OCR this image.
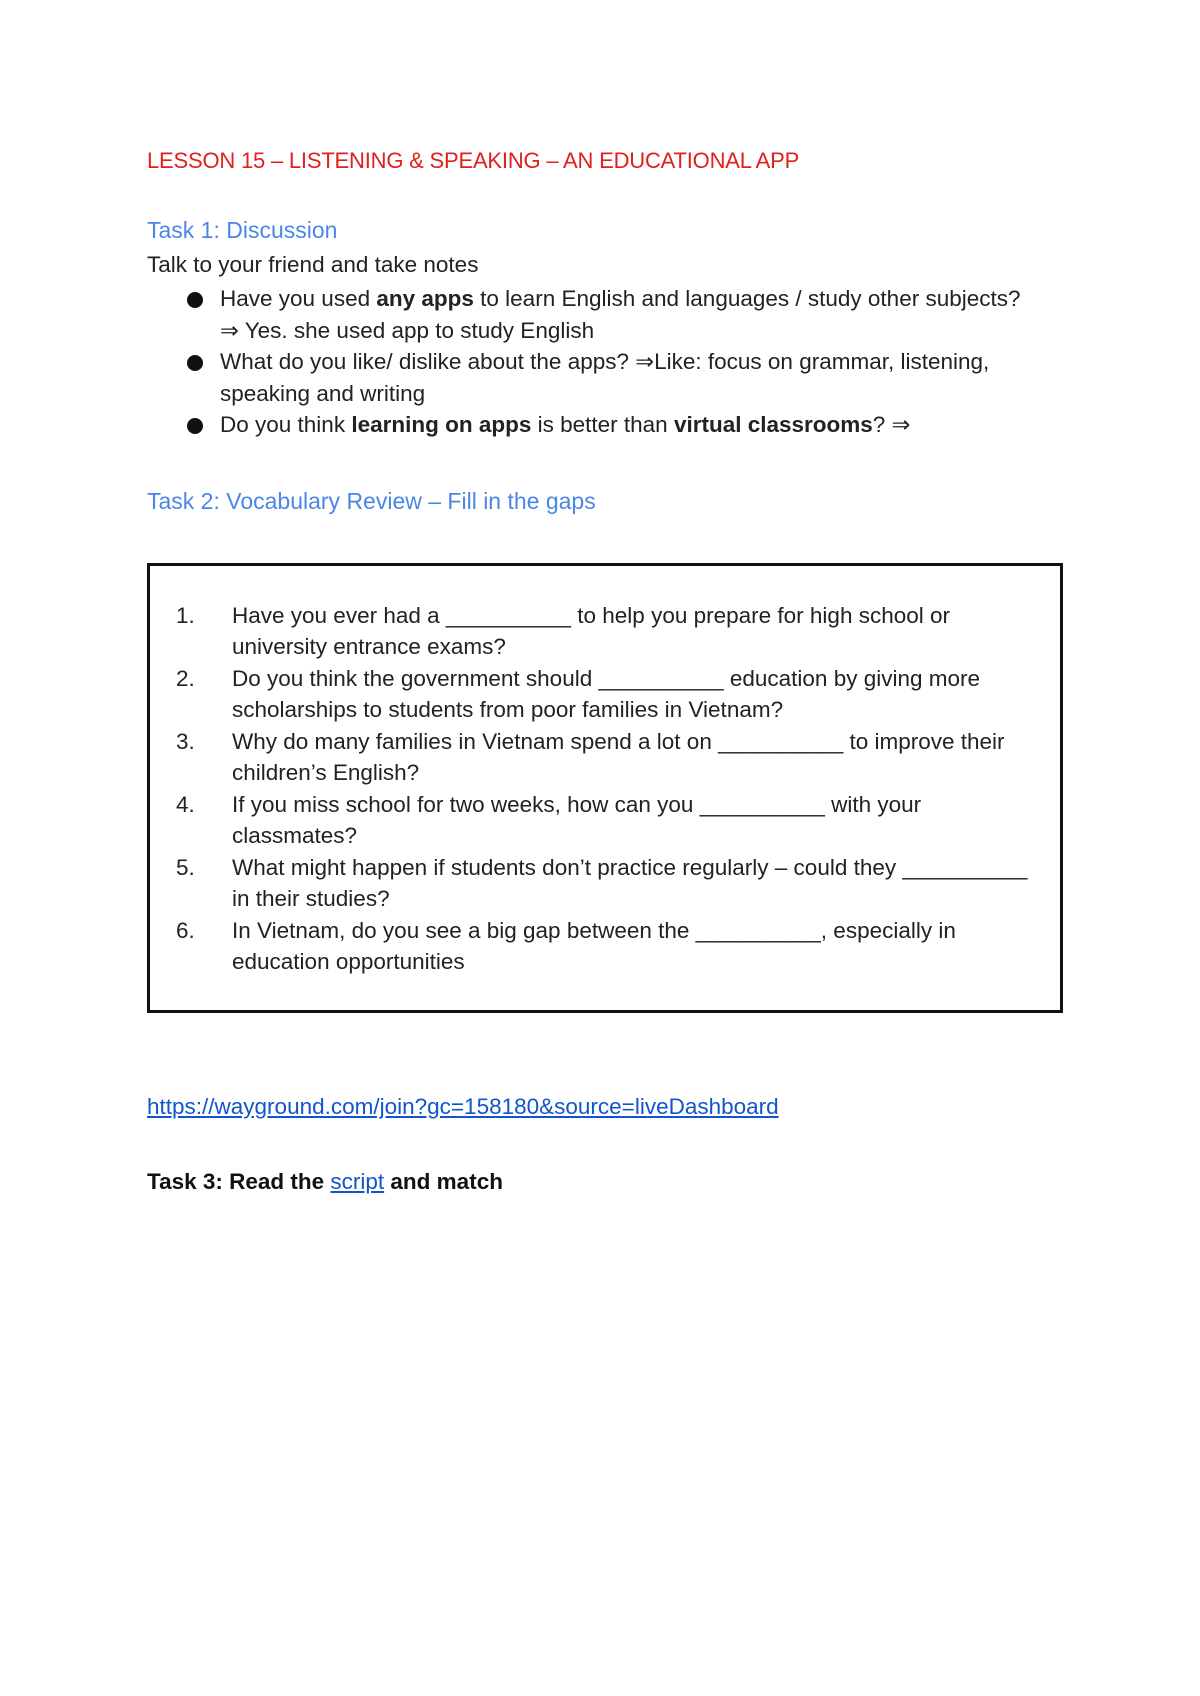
LESSON 15 – LISTENING & SPEAKING – AN EDUCATIONAL APP
Task 1: Discussion

Talk to your friend and take notes

Have you used any apps to learn English and languages / study other subjects? ⇒ Yes. she used app to study English
What do you like/ dislike about the apps? ⇒Like: focus on grammar, listening, speaking and writing
Do you think learning on apps is better than virtual classrooms? ⇒
Task 2: Vocabulary Review – Fill in the gaps
1. Have you ever had a __________ to help you prepare for high school or university entrance exams?
2. Do you think the government should __________ education by giving more scholarships to students from poor families in Vietnam?
3. Why do many families in Vietnam spend a lot on __________ to improve their children’s English?
4. If you miss school for two weeks, how can you __________ with your classmates?
5. What might happen if students don’t practice regularly – could they __________ in their studies?
6. In Vietnam, do you see a big gap between the __________, especially in education opportunities
https://wayground.com/join?gc=158180&source=liveDashboard
Task 3: Read the script and match
